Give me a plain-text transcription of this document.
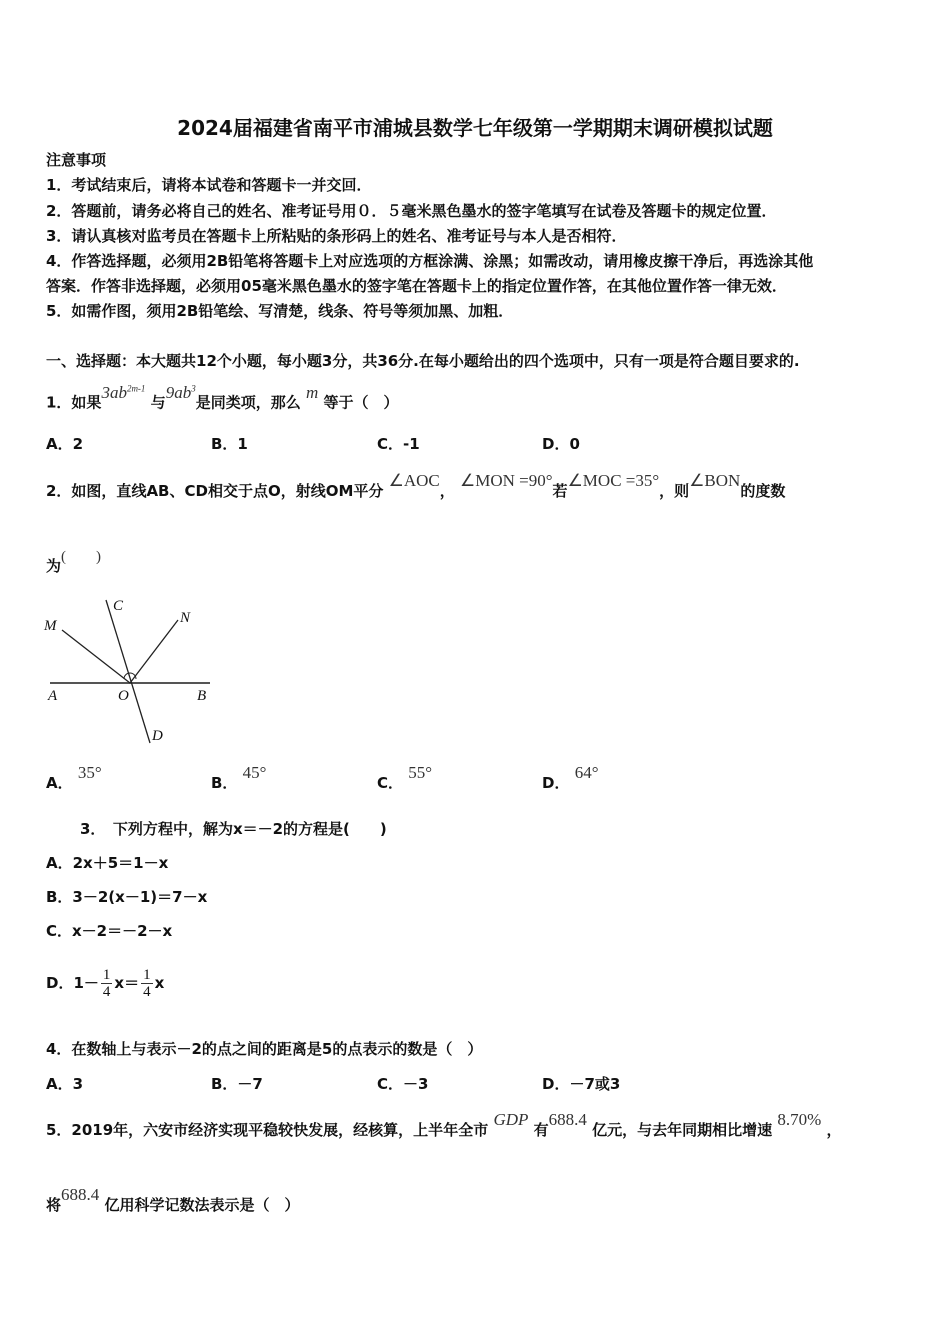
2024届福建省南平市浦城县数学七年级第一学期期末调研模拟试题
注意事项
1．考试结束后，请将本试卷和答题卡一并交回．
2．答题前，请务必将自己的姓名、准考证号用０．５毫米黑色墨水的签字笔填写在试卷及答题卡的规定位置．
3．请认真核对监考员在答题卡上所粘贴的条形码上的姓名、准考证号与本人是否相符．
4．作答选择题，必须用2B铅笔将答题卡上对应选项的方框涂满、涂黑；如需改动，请用橡皮擦干净后，再选涂其他
答案．作答非选择题，必须用05毫米黑色墨水的签字笔在答题卡上的指定位置作答，在其他位置作答一律无效．
5．如需作图，须用2B铅笔绘、写清楚，线条、符号等须加黑、加粗．
一、选择题：本大题共12个小题，每小题3分，共36分.在每小题给出的四个选项中，只有一项是符合题目要求的.
1．如果$3ab^{2m-1}$ 与$9ab^3$是同类项，那么 m 等于（　）
A．2	B．1	C．-1	D．0
2．如图，直线AB、CD相交于点O，射线OM平分 ∠AOC， ∠MON =90°若∠MOC =35°，则∠BON的度数
为(　　)
A	B
C
D
M	N
O
A． 35°
B． 45°
C． 55°
D． 64°
3．　下列方程中，解为x＝－2的方程是(　　)
A．2x＋5＝1－x
B．3－2(x－1)＝7－x
C．x－2＝－2－x
D．$1- \frac{1}{4} x= \frac{1}{4}$ x
4．在数轴上与表示－2的点之间的距离是5的点表示的数是（　）
A．3	B．－7	C．－3	D．－7或3
5．2019年，六安市经济实现平稳较快发展，经核算，上半年全市 GDP 有688.4 亿元，与去年同期相比增速 8.70% ，
将688.4 亿用科学记数法表示是（　）
